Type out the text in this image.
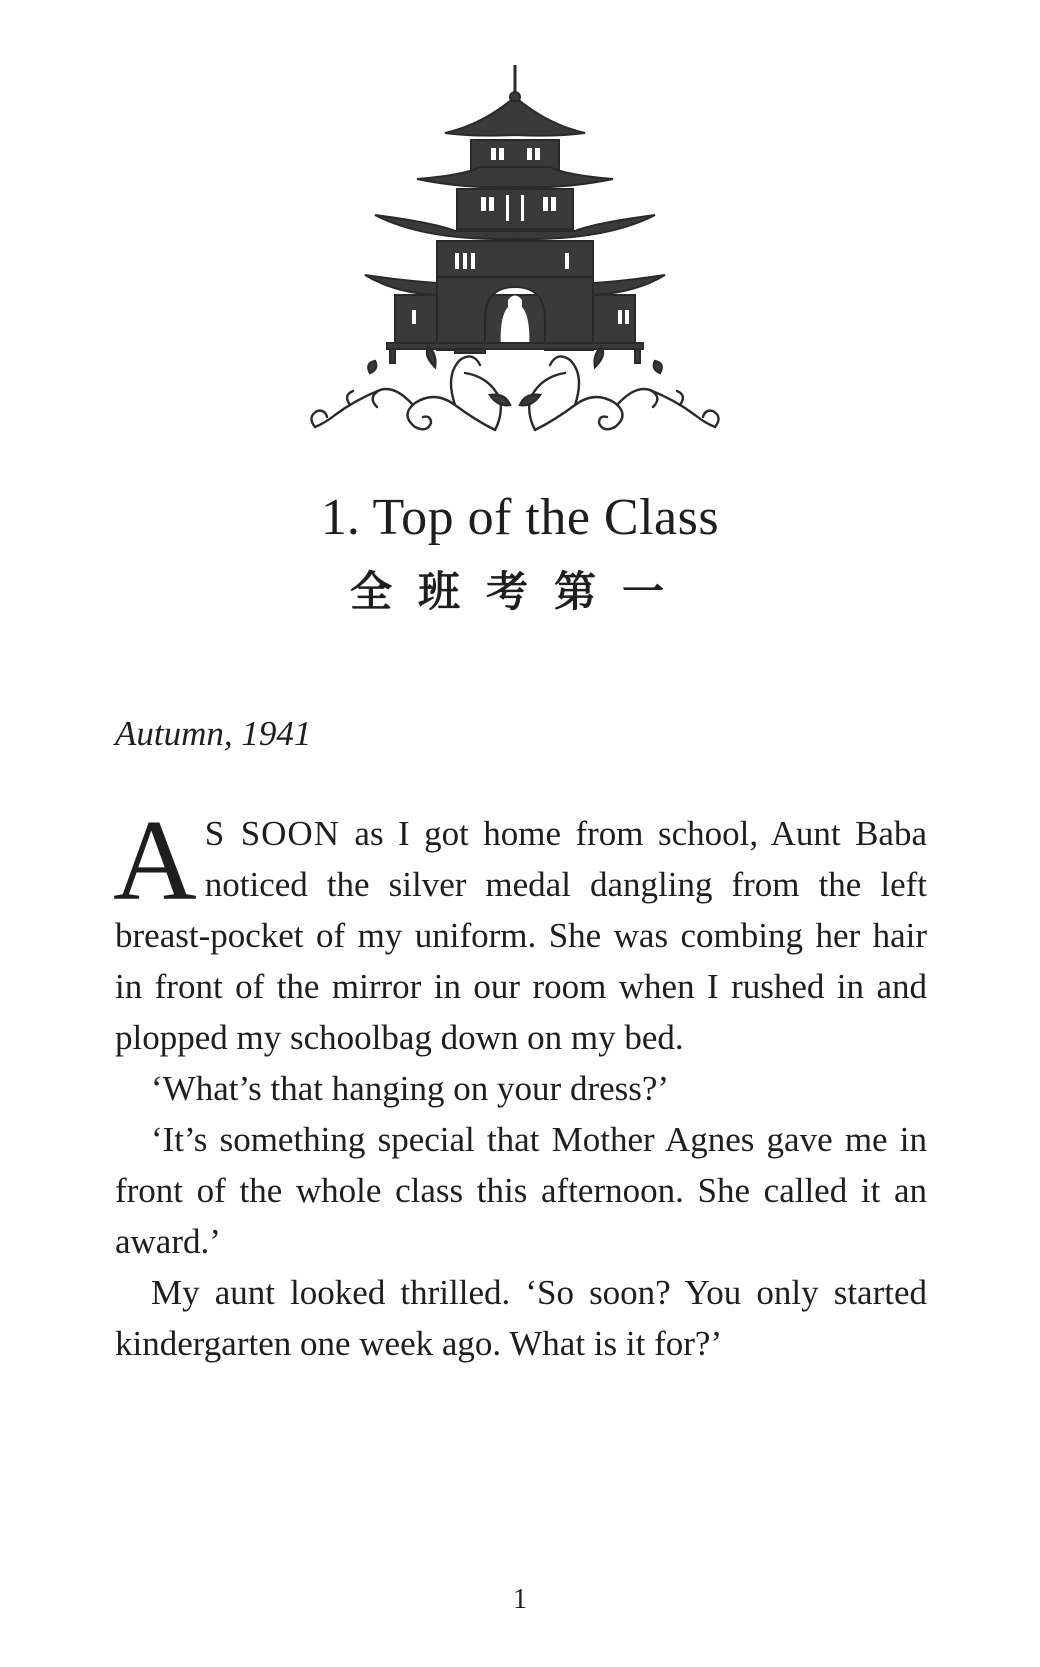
1. Top of the Class
全班考第一
Autumn, 1941

A S SOON as I got home from school, Aunt Baba noticed the silver medal dangling from the left breast-pocket of my uniform. She was combing her hair in front of the mirror in our room when I rushed in and plopped my schoolbag down on my bed.

‘What’s that hanging on your dress?’

‘It’s something special that Mother Agnes gave me in front of the whole class this afternoon. She called it an award.’

My aunt looked thrilled. ‘So soon? You only started kindergarten one week ago. What is it for?’

1
